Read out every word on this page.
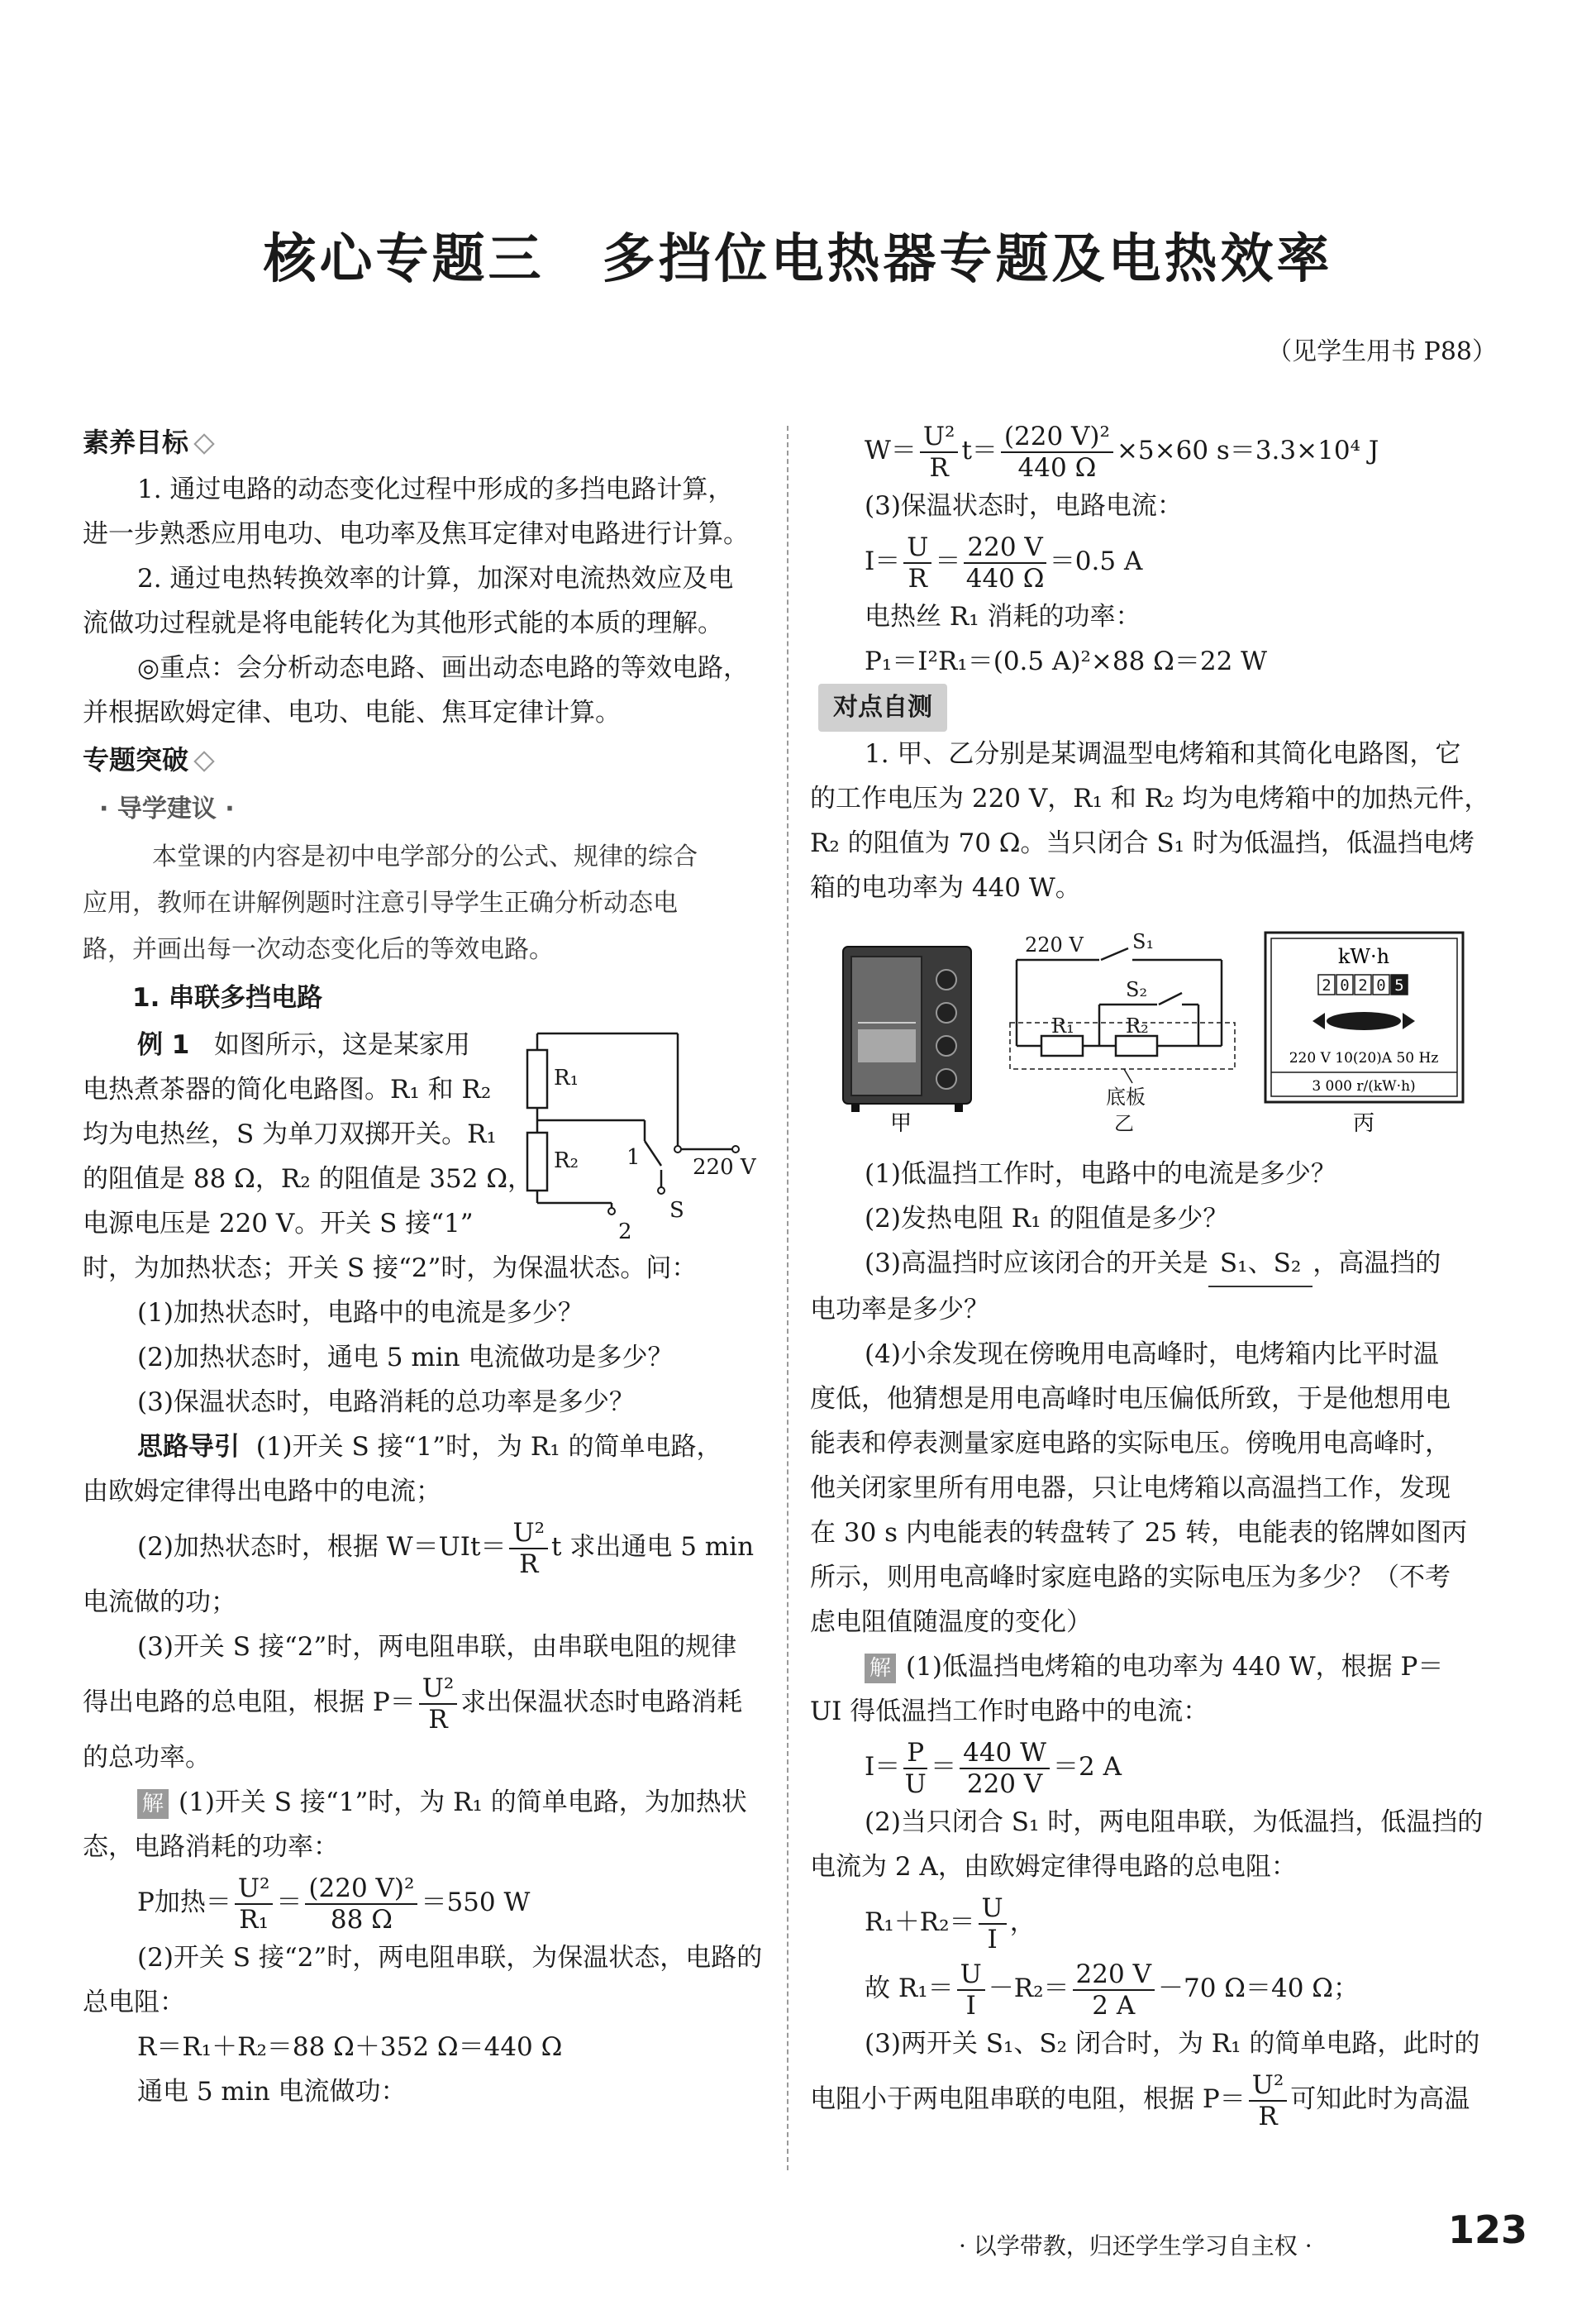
核心专题三 多挡位电热器专题及电热效率
（见学生用书 P88）
素养目标
1. 通过电路的动态变化过程中形成的多挡电路计算，
进一步熟悉应用电功、电功率及焦耳定律对电路进行计算。
2. 通过电热转换效率的计算，加深对电流热效应及电
流做功过程就是将电能转化为其他形式能的本质的理解。
◎重点：会分析动态电路、画出动态电路的等效电路，
并根据欧姆定律、电功、电能、焦耳定律计算。
专题突破
· 导学建议 ·
本堂课的内容是初中电学部分的公式、规律的综合
应用，教师在讲解例题时注意引导学生正确分析动态电
路，并画出每一次动态变化后的等效电路。
1. 串联多挡电路
例 1 如图所示，这是某家用
电热煮茶器的简化电路图。R₁ 和 R₂
均为电热丝，S 为单刀双掷开关。R₁
的阻值是 88 Ω，R₂ 的阻值是 352 Ω，
电源电压是 220 V。开关 S 接“1”
时，为加热状态；开关 S 接“2”时，为保温状态。问：
(1)加热状态时，电路中的电流是多少？
(2)加热状态时，通电 5 min 电流做功是多少？
(3)保温状态时，电路消耗的总功率是多少？
思路导引 (1)开关 S 接“1”时，为 R₁ 的简单电路，
由欧姆定律得出电路中的电流；
(2)加热状态时，根据 $W=UIt= \frac{\text{U²}}{R}$ t 求出通电 5 min
电流做的功；
(3)开关 S 接“2”时，两电阻串联，由串联电阻的规律
得出电路的总电阻，根据 $P= \frac{\text{U²}}{R}$ 求出保温状态时电路消耗
的总功率。
解 (1)开关 S 接“1”时，为 R₁ 的简单电路，为加热状
态，电路消耗的功率：
P加热＝ $\frac{\text{U²}}{\text{R₁}} = \frac{\text{(220 V)²}}{88 \Omega} =550$ W
(2)开关 S 接“2”时，两电阻串联，为保温状态，电路的
总电阻：
R＝R₁＋R₂＝88 Ω＋352 Ω＝440 Ω
通电 5 min 电流做功：
R₁
R₂ 1 220 V
S
2
$W= \frac{\text{U²}}{R} t= \frac{\text{(220 V)²}}{440 \Omega} \times 5\times 60$ s＝3.3×10⁴ J
(3)保温状态时，电路电流：
$I= \frac{U}{R} = \frac{220 V}{440 \Omega} =0.5$ A
电热丝 R₁ 消耗的功率：
P₁＝I²R₁＝(0.5 A)²×88 Ω＝22 W
对点自测
1. 甲、乙分别是某调温型电烤箱和其简化电路图，它
的工作电压为 220 V，R₁ 和 R₂ 均为电烤箱中的加热元件，
R₂ 的阻值为 70 Ω。当只闭合 S₁ 时为低温挡，低温挡电烤
箱的电功率为 440 W。
(1)低温挡工作时，电路中的电流是多少？
(2)发热电阻 R₁ 的阻值是多少？
(3)高温挡时应该闭合的开关是 S₁、S₂ ，高温挡的
电功率是多少？
(4)小余发现在傍晚用电高峰时，电烤箱内比平时温
度低，他猜想是用电高峰时电压偏低所致，于是他想用电
能表和停表测量家庭电路的实际电压。傍晚用电高峰时，
他关闭家里所有用电器，只让电烤箱以高温挡工作，发现
在 30 s 内电能表的转盘转了 25 转，电能表的铭牌如图丙
所示，则用电高峰时家庭电路的实际电压为多少？（不考
虑电阻值随温度的变化）
解 (1)低温挡电烤箱的电功率为 440 W，根据 P＝
UI 得低温挡工作时电路中的电流：
$I= \frac{P}{U} = \frac{440 W}{220 V} =2$ A
(2)当只闭合 S₁ 时，两电阻串联，为低温挡，低温挡的
电流为 2 A，由欧姆定律得电路的总电阻：
$R_1+R_2= \frac{U}{I}$ ，
故 $R_1= \frac{U}{I} -R_2= \frac{220 V}{2 A} -70$ Ω＝40 Ω；
(3)两开关 S₁、S₂ 闭合时，为 R₁ 的简单电路，此时的
电阻小于两电阻串联的电阻，根据 $P= \frac{\text{U²}}{R}$ 可知此时为高温
甲
220 V S₁
S₂
R₁	R₂
底板
乙
kW·h
2 0 2 0 5
220 V 10(20)A 50 Hz
3 000 r/(kW·h)
丙
· 以学带教，归还学生学习自主权 ·	123
